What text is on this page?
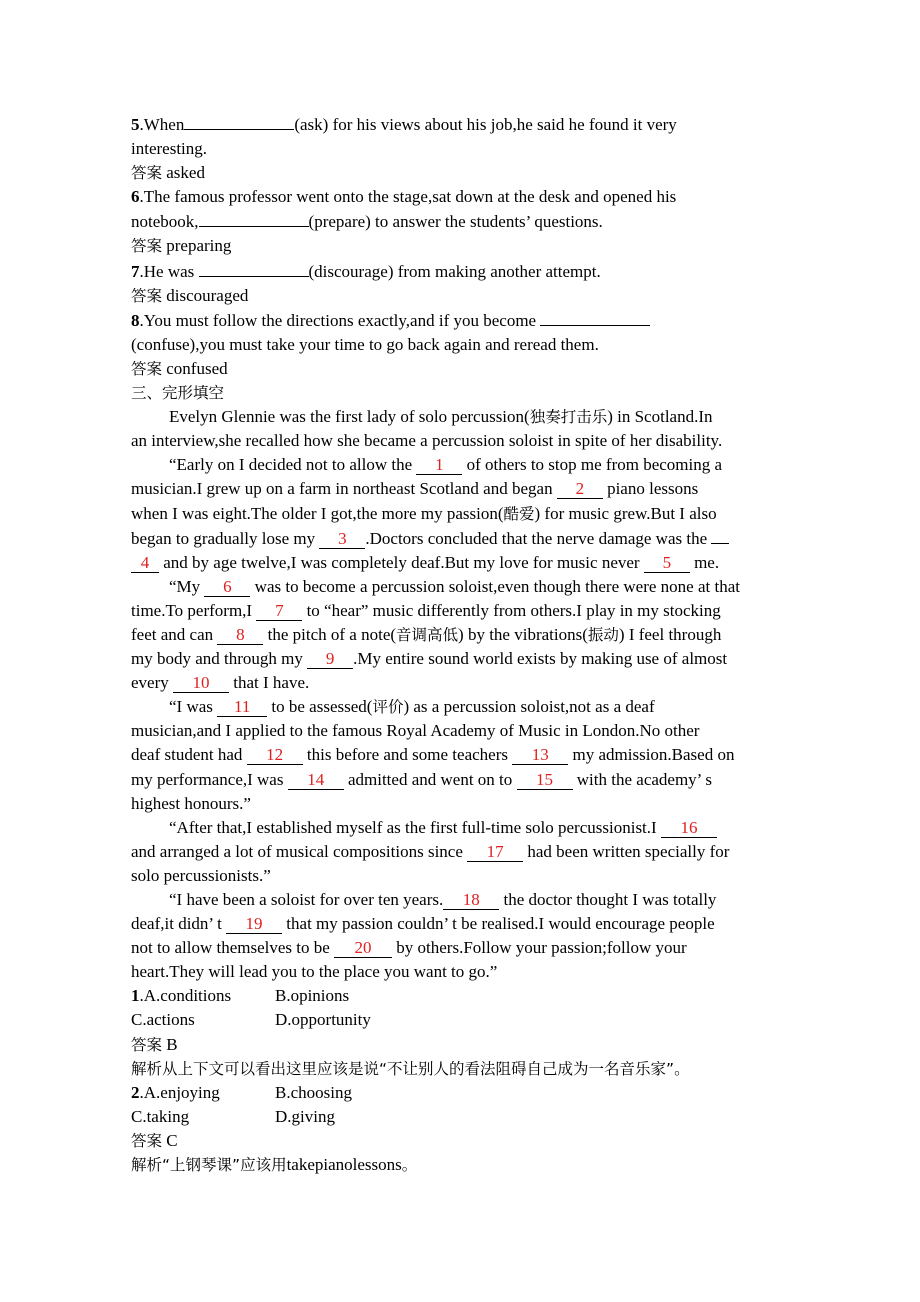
5.When	(ask) for his views about his job,he said he found it very
interesting.
答案 asked
6.The famous professor went onto the stage,sat down at the desk and opened his
notebook,	(prepare) to answer the students’ questions.
答案 preparing
7.He was	(discourage) from making another attempt.
答案 discouraged
8.You must follow the directions exactly,and if you become
(confuse),you must take your time to go back again and reread them.
答案 confused
三、完形填空
Evelyn Glennie was the first lady of solo percussion(独奏打击乐) in Scotland.In
an interview,she recalled how she became a percussion soloist in spite of her disability.
“Early on I decided not to allow the 1 of others to stop me from becoming a
musician.I grew up on a farm in northeast Scotland and began 2 piano lessons
when I was eight.The older I got,the more my passion(酷爱) for music grew.But I also
began to gradually lose my 3 .Doctors concluded that the nerve damage was the
4 and by age twelve,I was completely deaf.But my love for music never 5 me.
“My 6 was to become a percussion soloist,even though there were none at that
time.To perform,I 7 to “hear” music differently from others.I play in my stocking
feet and can 8 the pitch of a note(音调高低) by the vibrations(振动) I feel through
my body and through my 9 .My entire sound world exists by making use of almost
every 10 that I have.
“I was 11 to be assessed(评价) as a percussion soloist,not as a deaf
musician,and I applied to the famous Royal Academy of Music in London.No other
deaf student had 12 this before and some teachers 13 my admission.Based on
my performance,I was 14 admitted and went on to 15 with the academy’ s
highest honours.”
“After that,I established myself as the first full-time solo percussionist.I 16
and arranged a lot of musical compositions since 17 had been written specially for
solo percussionists.”
“I have been a soloist for over ten years. 18 the doctor thought I was totally
deaf,it didn’ t 19 that my passion couldn’ t be realised.I would encourage people
not to allow themselves to be 20 by others.Follow your passion;follow your
heart.They will lead you to the place you want to go.”
1.A.conditions	B.opinions
C.actions	D.opportunity
答案 B
解析从上下文可以看出这里应该是说“不让别人的看法阻碍自己成为一名音乐家”。
2.A.enjoying	B.choosing
C.taking	D.giving
答案 C
解析“上钢琴课”应该用takepianolessons。
